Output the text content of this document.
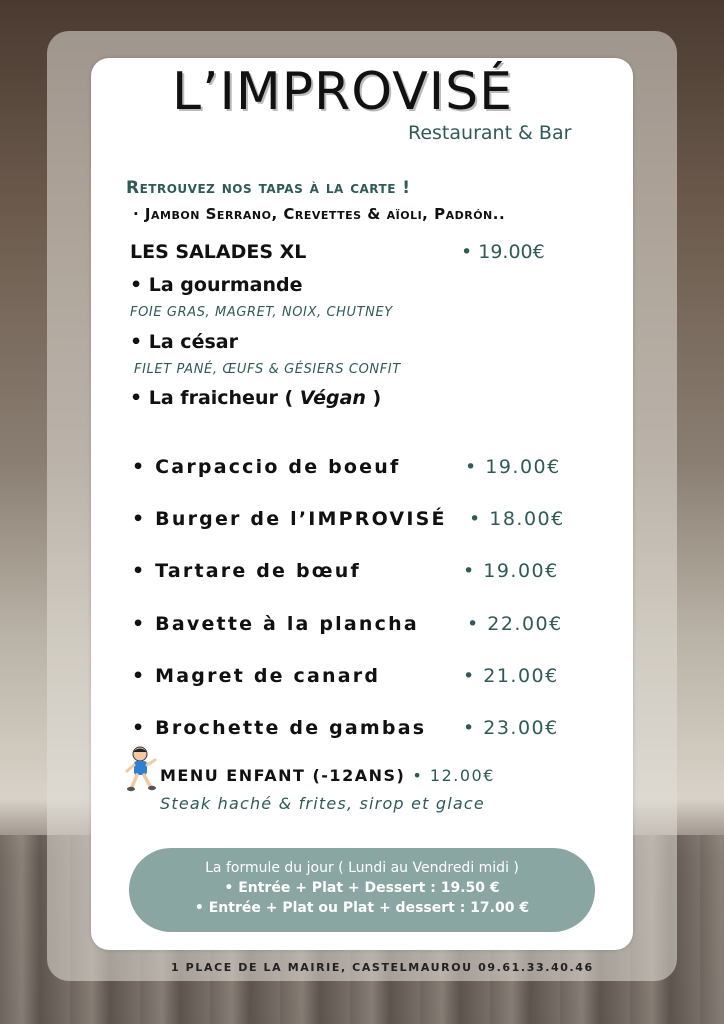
L’IMPROVISÉ
Restaurant & Bar
Retrouvez nos tapas à la carte !
· Jambon Serrano, Crevettes & aïoli, Padrón..
LES SALADES XL	• 19.00€
• La gourmande
FOIE GRAS, MAGRET, NOIX, CHUTNEY
• La césar
FILET PANÉ, ŒUFS & GÉSIERS CONFIT
• La fraicheur ( Végan )
• Carpaccio de boeuf	• 19.00€
• Burger de l’IMPROVISÉ • 18.00€
• Tartare de bœuf	• 19.00€
• Bavette à la plancha	• 22.00€
• Magret de canard	• 21.00€
• Brochette de gambas • 23.00€
MENU ENFANT (-12ANS) • 12.00€
Steak haché & frites, sirop et glace
La formule du jour ( Lundi au Vendredi midi )
• Entrée + Plat + Dessert : 19.50 €
• Entrée + Plat ou Plat + dessert : 17.00 €
1 PLACE DE LA MAIRIE, CASTELMAUROU 09.61.33.40.46
